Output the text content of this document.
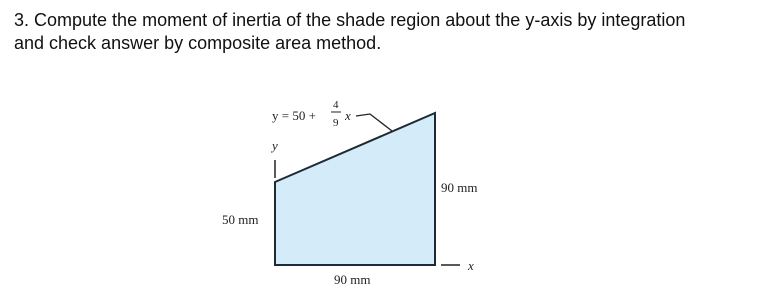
3. Compute the moment of inertia of the shade region about the y-axis by integration
and check answer by composite area method.
y
x
y = 50 +
4
9 x
50 mm
90 mm
90 mm
